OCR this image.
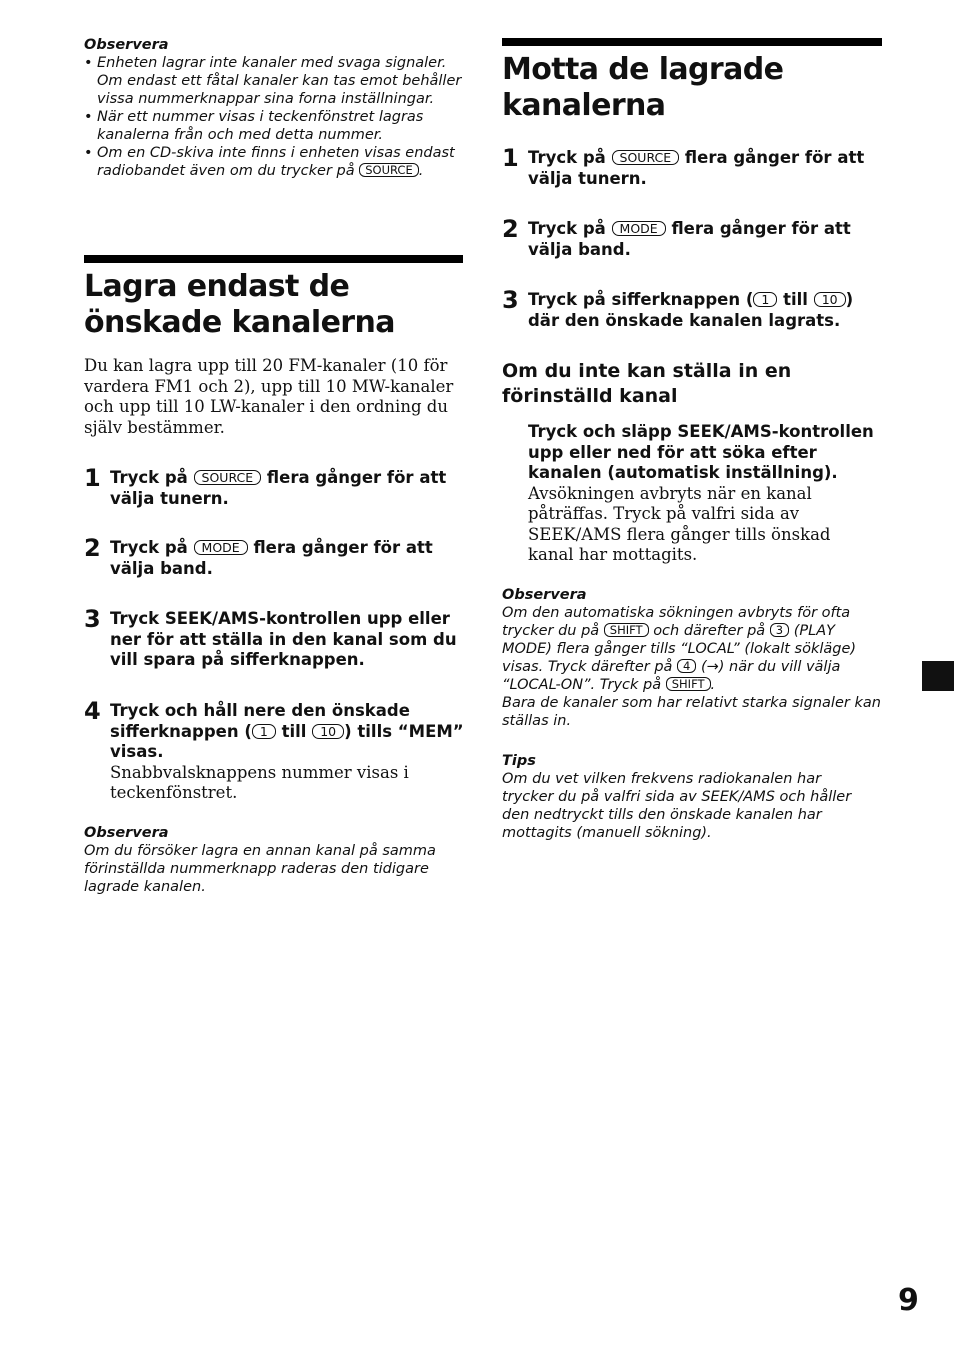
Observera
• Enheten lagrar inte kanaler med svaga signaler. Om endast ett fåtal kanaler kan tas emot behåller vissa nummerknappar sina forna inställningar.
• När ett nummer visas i teckenfönstret lagras kanalerna från och med detta nummer.
• Om en CD-skiva inte finns i enheten visas endast radiobandet även om du trycker på SOURCE .
Lagra endast de önskade kanalerna
Du kan lagra upp till 20 FM-kanaler (10 för vardera FM1 och 2), upp till 10 MW-kanaler och upp till 10 LW-kanaler i den ordning du själv bestämmer.
1 Tryck på SOURCE flera gånger för att välja tunern.
2 Tryck på MODE flera gånger för att välja band.
3 Tryck SEEK/AMS-kontrollen upp eller ner för att ställa in den kanal som du vill spara på sifferknappen.
4 Tryck och håll nere den önskade sifferknappen ( 1 till 10 ) tills “MEM” visas.
Snabbvalsknappens nummer visas i teckenfönstret.
Observera
Om du försöker lagra en annan kanal på samma förinställda nummerknapp raderas den tidigare lagrade kanalen.
Motta de lagrade kanalerna
1 Tryck på SOURCE flera gånger för att välja tunern.
2 Tryck på MODE flera gånger för att välja band.
3 Tryck på sifferknappen ( 1 till 10 ) där den önskade kanalen lagrats.
Om du inte kan ställa in en förinställd kanal
Tryck och släpp SEEK/AMS-kontrollen upp eller ned för att söka efter kanalen (automatisk inställning).
Avsökningen avbryts när en kanal påträffas. Tryck på valfri sida av SEEK/AMS flera gånger tills önskad kanal har mottagits.
Observera
Om den automatiska sökningen avbryts för ofta trycker du på SHIFT och därefter på 3 (PLAY MODE) flera gånger tills “LOCAL” (lokalt sökläge) visas. Tryck därefter på 4 (→) när du vill välja “LOCAL-ON”. Tryck på SHIFT .
Bara de kanaler som har relativt starka signaler kan ställas in.
Tips
Om du vet vilken frekvens radiokanalen har trycker du på valfri sida av SEEK/AMS och håller den nedtryckt tills den önskade kanalen har mottagits (manuell sökning).
9
